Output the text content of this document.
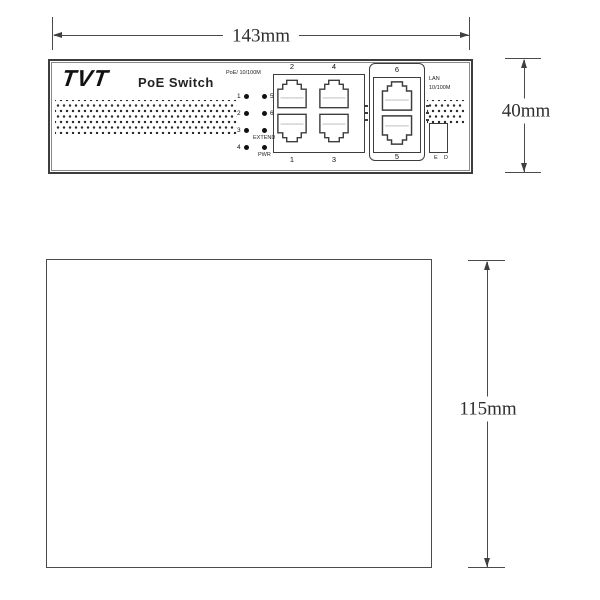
143mm
TVT PoE Switch
PoE/ 10/100M
1	5
2	6
3
EXTEND
4
PWR
2	4
1	3
6
5
LAN
10/100M
E D
40mm
115mm
